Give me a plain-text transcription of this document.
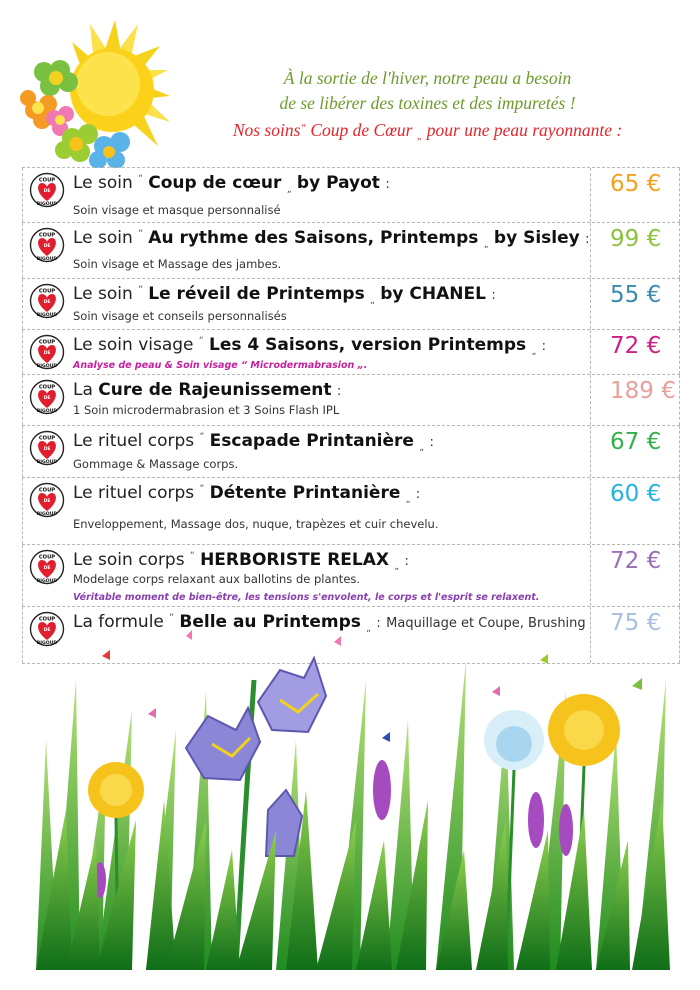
À la sortie de l'hiver, notre peau a besoin
de se libérer des toxines et des impuretés !
Nos soins“ Coup de Cœur „ pour une peau rayonnante :
COUP
DE
BIGOUD
Le soin “ Coup de cœur $_„$ by Payot :
Soin visage et masque personnalisé
65 €
COUP
DE
BIGOUD
Le soin “ Au rythme des Saisons, Printemps $_„$ by Sisley :
Soin visage et Massage des jambes.
99 €
COUP
DE
BIGOUD
Le soin “ Le réveil de Printemps $_„$ by CHANEL :
Soin visage et conseils personnalisés
55 €
COUP
DE
BIGOUD
Le soin visage “ Les 4 Saisons, version Printemps $_„$ :
Analyse de peau & Soin visage “ Microdermabrasion „.
72 €
COUP
DE
BIGOUD
La Cure de Rajeunissement :
1 Soin microdermabrasion et 3 Soins Flash IPL
189 €
COUP
DE
BIGOUD
Le rituel corps “ Escapade Printanière $_„$ :
Gommage & Massage corps.
67 €
COUP
DE
BIGOUD
Le rituel corps “ Détente Printanière $_„$ :
Enveloppement, Massage dos, nuque, trapèzes et cuir chevelu.
60 €
COUP
DE
BIGOUD
Le soin corps “ HERBORISTE RELAX $_„$ :
Modelage corps relaxant aux ballotins de plantes.
Véritable moment de bien-être, les tensions s'envolent, le corps et l'esprit se relaxent.
72 €
COUP
DE
BIGOUD
La formule “ Belle au Printemps $_„$ : Maquillage et Coupe, Brushing 75 €
